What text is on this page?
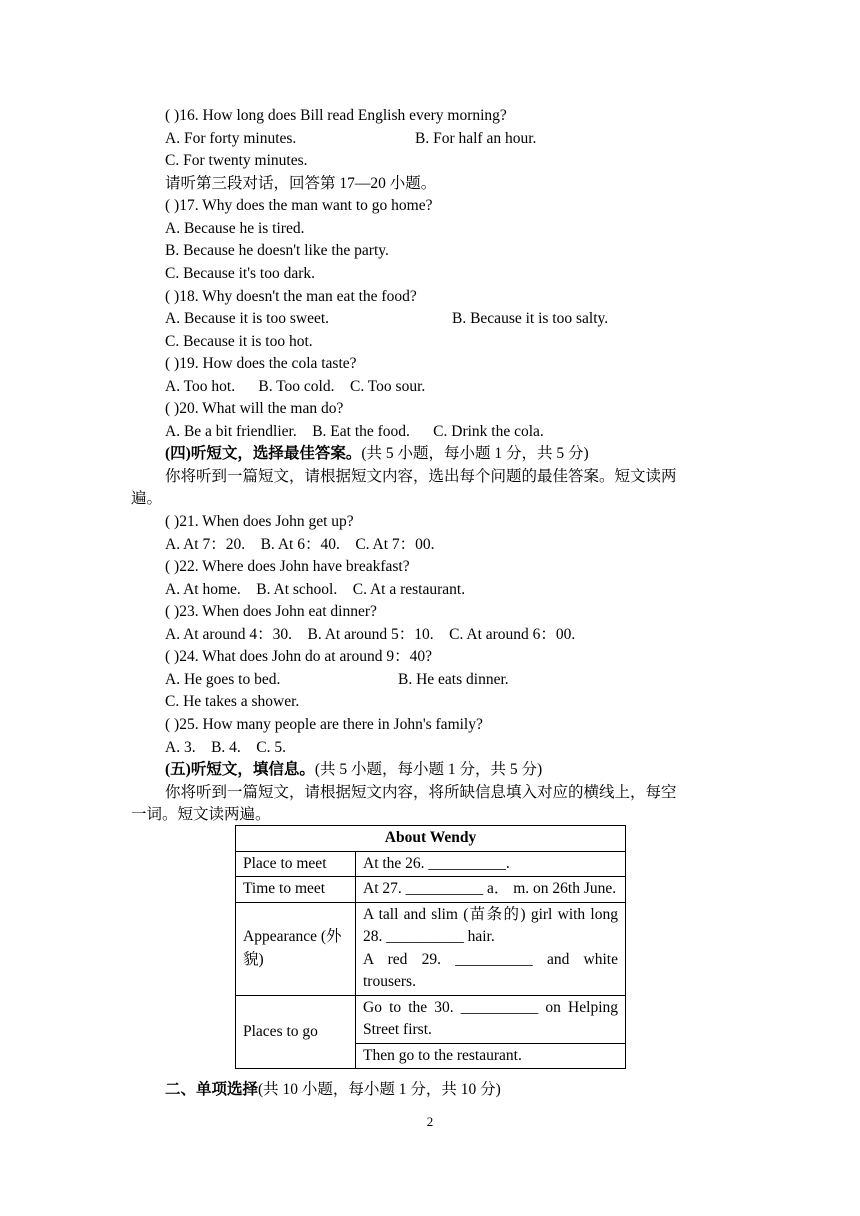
( )16. How long does Bill read English every morning?
A. For forty minutes.	B. For half an hour.
C. For twenty minutes.
请听第三段对话，回答第 17—20 小题。
( )17. Why does the man want to go home?
A. Because he is tired.
B. Because he doesn't like the party.
C. Because it's too dark.
( )18. Why doesn't the man eat the food?
A. Because it is too sweet.	B. Because it is too salty.
C. Because it is too hot.
( )19. How does the cola taste?
A. Too hot.      B. Too cold.    C. Too sour.
( )20. What will the man do?
A. Be a bit friendlier.    B. Eat the food.      C. Drink the cola.
(四)听短文，选择最佳答案。(共 5 小题，每小题 1 分，共 5 分)
你将听到一篇短文，请根据短文内容，选出每个问题的最佳答案。短文读两
遍。
( )21. When does John get up?
A. At 7：20.    B. At 6：40.    C. At 7：00.
( )22. Where does John have breakfast?
A. At home.    B. At school.    C. At a restaurant.
( )23. When does John eat dinner?
A. At around 4：30.    B. At around 5：10.    C. At around 6：00.
( )24. What does John do at around 9：40?
A. He goes to bed.	B. He eats dinner.
C. He takes a shower.
( )25. How many people are there in John's family?
A. 3.    B. 4.    C. 5.
(五)听短文，填信息。(共 5 小题，每小题 1 分，共 5 分)
你将听到一篇短文，请根据短文内容，将所缺信息填入对应的横线上，每空
一词。短文读两遍。
About Wendy	
Place to meet	At the 26. __________.
Time to meet	At 27. __________ a． m. on 26th June.
Appearance (外貌)	A tall and slim (苗条的) girl with long 28. __________ hair.
A red 29. __________ and white trousers.

Places to go	Go to the 30. __________ on Helping Street first.
	Then go to the restaurant.
二、单项选择(共 10 小题，每小题 1 分，共 10 分)
2
